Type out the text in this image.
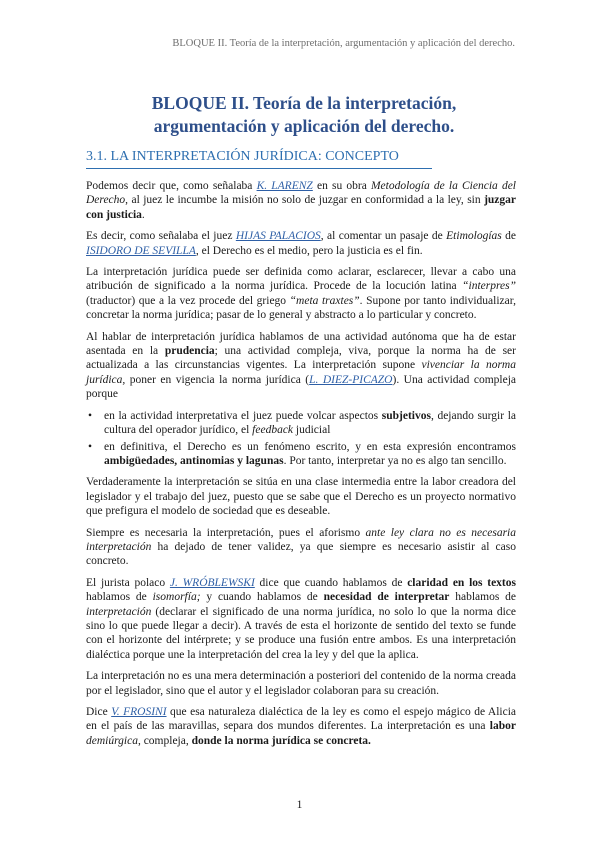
BLOQUE II. Teoría de la interpretación, argumentación y aplicación del derecho.
BLOQUE II. Teoría de la interpretación,
argumentación y aplicación del derecho.
3.1. LA INTERPRETACIÓN JURÍDICA: CONCEPTO

Podemos decir que, como señalaba K. LARENZ en su obra Metodología de la Ciencia del Derecho, al juez le incumbe la misión no solo de juzgar en conformidad a la ley, sin juzgar con justicia.

Es decir, como señalaba el juez HIJAS PALACIOS, al comentar un pasaje de Etimologías de ISIDORO DE SEVILLA, el Derecho es el medio, pero la justicia es el fin.

La interpretación jurídica puede ser definida como aclarar, esclarecer, llevar a cabo una atribución de significado a la norma jurídica. Procede de la locución latina “interpres” (traductor) que a la vez procede del griego “meta traxtes”. Supone por tanto individualizar, concretar la norma jurídica; pasar de lo general y abstracto a lo particular y concreto.

Al hablar de interpretación jurídica hablamos de una actividad autónoma que ha de estar asentada en la prudencia; una actividad compleja, viva, porque la norma ha de ser actualizada a las circunstancias vigentes. La interpretación supone vivenciar la norma jurídica, poner en vigencia la norma jurídica (L. DIEZ-PICAZO). Una actividad compleja porque

• en la actividad interpretativa el juez puede volcar aspectos subjetivos, dejando surgir la cultura del operador jurídico, el feedback judicial
• en definitiva, el Derecho es un fenómeno escrito, y en esta expresión encontramos ambigüedades, antinomias y lagunas. Por tanto, interpretar ya no es algo tan sencillo.

Verdaderamente la interpretación se sitúa en una clase intermedia entre la labor creadora del legislador y el trabajo del juez, puesto que se sabe que el Derecho es un proyecto normativo que prefigura el modelo de sociedad que es deseable.

Siempre es necesaria la interpretación, pues el aforismo ante ley clara no es necesaria interpretación ha dejado de tener validez, ya que siempre es necesario asistir al caso concreto.

El jurista polaco J. WRÓBLEWSKI dice que cuando hablamos de claridad en los textos hablamos de isomorfía; y cuando hablamos de necesidad de interpretar hablamos de interpretación (declarar el significado de una norma jurídica, no solo lo que la norma dice sino lo que puede llegar a decir). A través de esta el horizonte de sentido del texto se funde con el horizonte del intérprete; y se produce una fusión entre ambos. Es una interpretación dialéctica porque une la interpretación del crea la ley y del que la aplica.

La interpretación no es una mera determinación a posteriori del contenido de la norma creada por el legislador, sino que el autor y el legislador colaboran para su creación.

Dice V. FROSINI que esa naturaleza dialéctica de la ley es como el espejo mágico de Alicia en el país de las maravillas, separa dos mundos diferentes. La interpretación es una labor demiúrgica, compleja, donde la norma jurídica se concreta.

1
